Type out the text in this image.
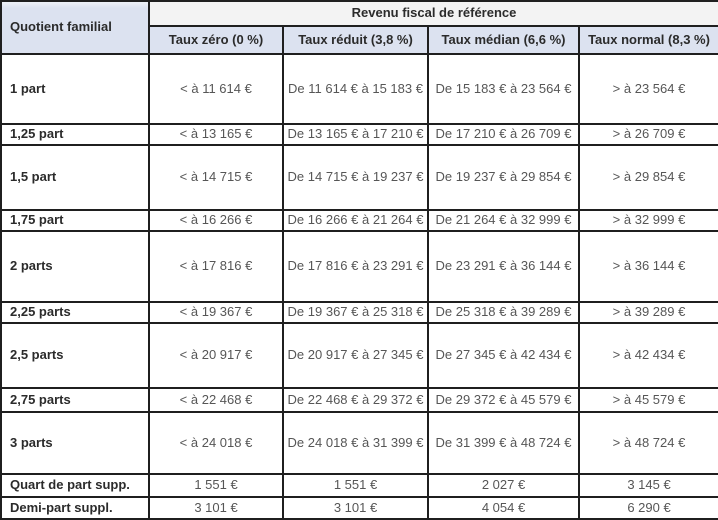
Quotient familial	Revenu fiscal de référence			
	Taux zéro (0 %)	Taux réduit (3,8 %)	Taux médian (6,6 %)	Taux normal (8,3 %)
1 part	< à 11 614 €	De 11 614 € à 15 183 €	De 15 183 € à 23 564 €	> à 23 564 €
1,25 part	< à 13 165 €	De 13 165 € à 17 210 €	De 17 210 € à 26 709 €	> à 26 709 €
1,5 part	< à 14 715 €	De 14 715 € à 19 237 €	De 19 237 € à 29 854 €	> à 29 854 €
1,75 part	< à 16 266 €	De 16 266 € à 21 264 €	De 21 264 € à 32 999 €	> à 32 999 €
2 parts	< à 17 816 €	De 17 816 € à 23 291 €	De 23 291 € à 36 144 €	> à 36 144 €
2,25 parts	< à 19 367 €	De 19 367 € à 25 318 €	De 25 318 € à 39 289 €	> à 39 289 €
2,5 parts	< à 20 917 €	De 20 917 € à 27 345 €	De 27 345 € à 42 434 €	> à 42 434 €
2,75 parts	< à 22 468 €	De 22 468 € à 29 372 €	De 29 372 € à 45 579 €	> à 45 579 €
3 parts	< à 24 018 €	De 24 018 € à 31 399 €	De 31 399 € à 48 724 €	> à 48 724 €
Quart de part supp.	1 551 €	1 551 €	2 027 €	3 145 €
Demi-part suppl.	3 101 €	3 101 €	4 054 €	6 290 €
